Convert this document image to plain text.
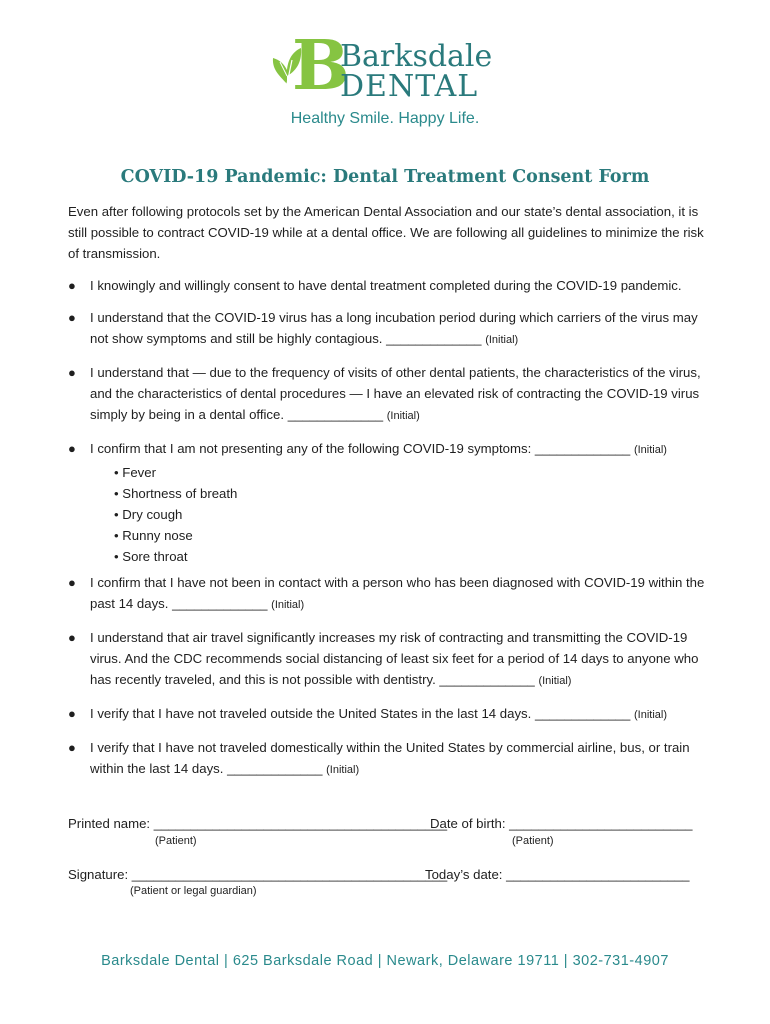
B
Barksdale
DENTAL
Healthy Smile. Happy Life.
COVID-19 Pandemic: Dental Treatment Consent Form
Even after following protocols set by the American Dental Association and our state’s dental association, it is still possible to contract COVID-19 while at a dental office. We are following all guidelines to minimize the risk of transmission.
● I knowingly and willingly consent to have dental treatment completed during the COVID-19 pandemic.
● I understand that the COVID-19 virus has a long incubation period during which carriers of the virus may not show symptoms and still be highly contagious. _____________ (Initial)
● I understand that — due to the frequency of visits of other dental patients, the characteristics of the virus, and the characteristics of dental procedures — I have an elevated risk of contracting the COVID-19 virus simply by being in a dental office. _____________ (Initial)
● I confirm that I am not presenting any of the following COVID-19 symptoms: _____________ (Initial)
• Fever
• Shortness of breath
• Dry cough
• Runny nose
• Sore throat
● I confirm that I have not been in contact with a person who has been diagnosed with COVID-19 within the past 14 days. _____________ (Initial)
● I understand that air travel significantly increases my risk of contracting and transmitting the COVID-19 virus. And the CDC recommends social distancing of least six feet for a period of 14 days to anyone who has recently traveled, and this is not possible with dentistry. _____________ (Initial)
● I verify that I have not traveled outside the United States in the last 14 days. _____________ (Initial)
● I verify that I have not traveled domestically within the United States by commercial airline, bus, or train within the last 14 days. _____________ (Initial)
Printed name: ________________________________________
Date of birth: _________________________
(Patient)	(Patient)
Signature: ___________________________________________
Today’s date: _________________________
(Patient or legal guardian)
Barksdale Dental | 625 Barksdale Road | Newark, Delaware 19711 | 302-731-4907
